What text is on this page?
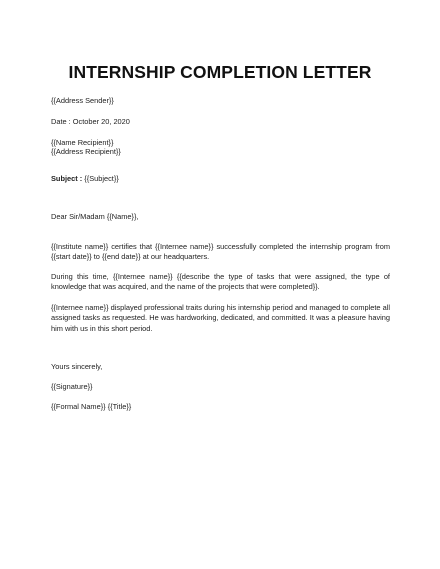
INTERNSHIP COMPLETION LETTER
{{Address Sender}}
Date : October 20, 2020
{{Name Recipient}}
{{Address Recipient}}
Subject : {{Subject}}
Dear Sir/Madam {{Name}},
{{Institute name}} certifies that {{Internee name}} successfully completed the internship program from {{start date}} to {{end date}} at our headquarters.
During this time, {{Internee name}} {{describe the type of tasks that were assigned, the type of knowledge that was acquired, and the name of the projects that were completed}}.
{{Internee name}} displayed professional traits during his internship period and managed to complete all assigned tasks as requested. He was hardworking, dedicated, and committed. It was a pleasure having him with us in this short period.
Yours sincerely,
{{Signature}}
{{Formal Name}} {{Title}}
